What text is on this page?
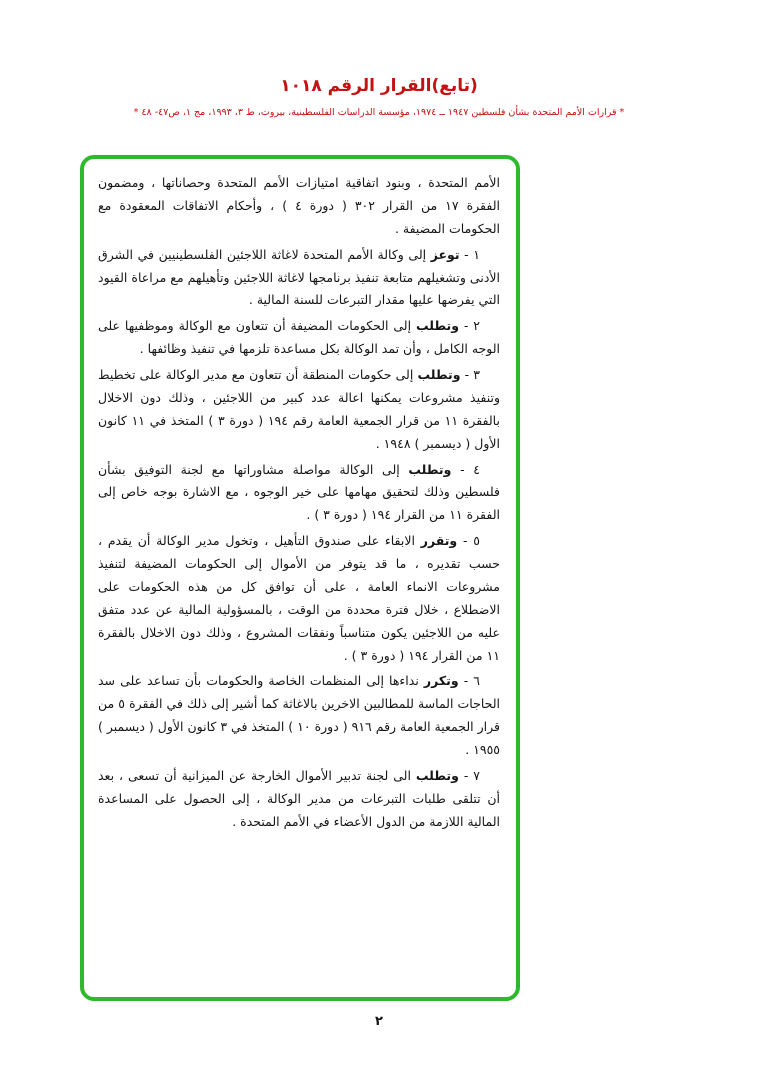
(تابع)القرار الرقم ١٠١٨
* قرارات الأمم المتحدة بشأن فلسطين ١٩٤٧ ــ ١٩٧٤، مؤسسة الدراسات الفلسطينية، بيروت، ط ٣، ١٩٩٣، مج ١، ص٤٧- ٤٨ *

الأمم المتحدة ، وبنود اتفاقية امتيازات الأمم المتحدة وحصاناتها ، ومضمون الفقرة ١٧ من القرار ٣٠٢ ( دورة ٤ ) ، وأحكام الاتفاقات المعقودة مع الحكومات المضيفة .

١ - توعز إلى وكالة الأمم المتحدة لاغاثة اللاجئين الفلسطينيين في الشرق الأدنى وتشغيلهم متابعة تنفيذ برنامجها لاغاثة اللاجئين وتأهيلهم مع مراعاة القيود التي يفرضها عليها مقدار التبرعات للسنة المالية .

٢ - وتطلب إلى الحكومات المضيفة أن تتعاون مع الوكالة وموظفيها على الوجه الكامل ، وأن تمد الوكالة بكل مساعدة تلزمها في تنفيذ وظائفها .

٣ - وتطلب إلى حكومات المنطقة أن تتعاون مع مدير الوكالة على تخطيط وتنفيذ مشروعات يمكنها اعالة عدد كبير من اللاجئين ، وذلك دون الاخلال بالفقرة ١١ من قرار الجمعية العامة رقم ١٩٤ ( دورة ٣ ) المتخذ في ١١ كانون الأول ( ديسمبر ) ١٩٤٨ .

٤ - وتطلب إلى الوكالة مواصلة مشاوراتها مع لجنة التوفيق بشأن فلسطين وذلك لتحقيق مهامها على خير الوجوه ، مع الاشارة بوجه خاص إلى الفقرة ١١ من القرار ١٩٤ ( دورة ٣ ) .

٥ - وتقرر الابقاء على صندوق التأهيل ، وتخول مدير الوكالة أن يقدم ، حسب تقديره ، ما قد يتوفر من الأموال إلى الحكومات المضيفة لتنفيذ مشروعات الانماء العامة ، على أن توافق كل من هذه الحكومات على الاضطلاع ، خلال فترة محددة من الوقت ، بالمسؤولية المالية عن عدد متفق عليه من اللاجئين يكون متناسباً ونفقات المشروع ، وذلك دون الاخلال بالفقرة ١١ من القرار ١٩٤ ( دورة ٣ ) .

٦ - وتكرر نداءها إلى المنظمات الخاصة والحكومات بأن تساعد على سد الحاجات الماسة للمطالبين الاخرين بالاغاثة كما أشير إلى ذلك في الفقرة ٥ من قرار الجمعية العامة رقم ٩١٦ ( دورة ١٠ ) المتخذ في ٣ كانون الأول ( ديسمبر ) ١٩٥٥ .

٧ - وتطلب الى لجنة تدبير الأموال الخارجة عن الميزانية أن تسعى ، بعد أن تتلقى طلبات التبرعات من مدير الوكالة ، إلى الحصول على المساعدة المالية اللازمة من الدول الأعضاء في الأمم المتحدة .

٢
